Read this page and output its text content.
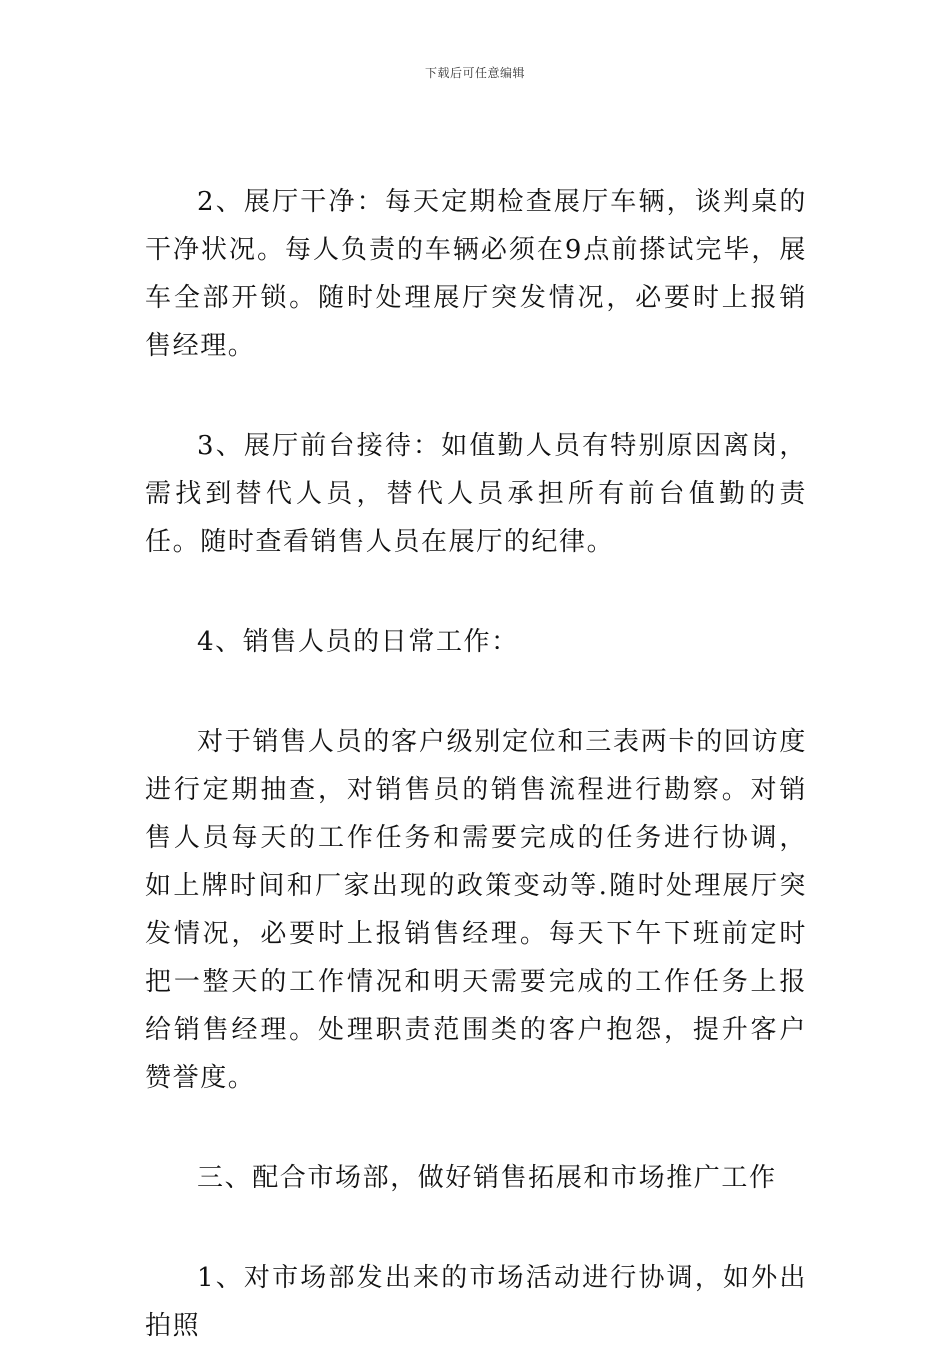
下载后可任意编辑

2、展厅干净：每天定期检查展厅车辆，谈判桌的干净状况。每人负责的车辆必须在9点前搽试完毕，展车全部开锁。随时处理展厅突发情况，必要时上报销售经理。

3、展厅前台接待：如值勤人员有特别原因离岗，需找到替代人员，替代人员承担所有前台值勤的责任。随时查看销售人员在展厅的纪律。

4、销售人员的日常工作：

对于销售人员的客户级别定位和三表两卡的回访度进行定期抽查，对销售员的销售流程进行勘察。对销售人员每天的工作任务和需要完成的任务进行协调，如上牌时间和厂家出现的政策变动等.随时处理展厅突发情况，必要时上报销售经理。每天下午下班前定时把一整天的工作情况和明天需要完成的工作任务上报给销售经理。处理职责范围类的客户抱怨，提升客户赞誉度。

三、配合市场部，做好销售拓展和市场推广工作

1、对市场部发出来的市场活动进行协调，如外出拍照
